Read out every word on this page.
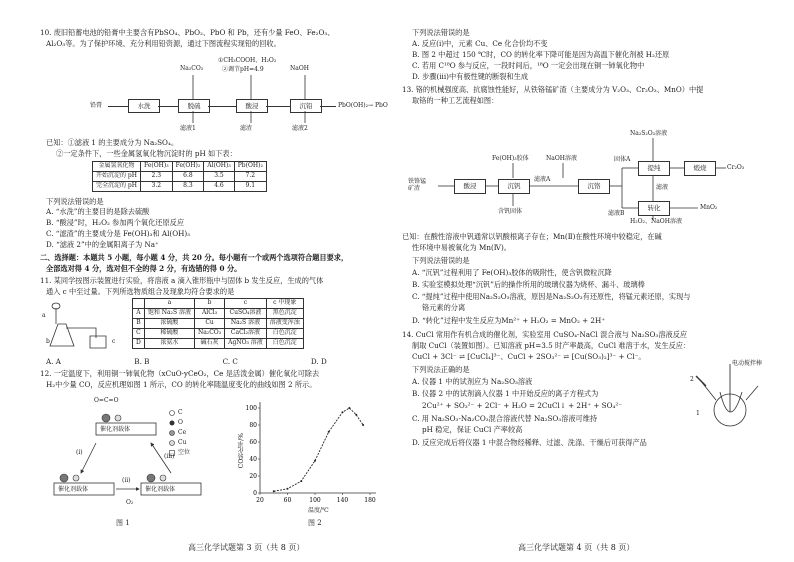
10. 废旧铅蓄电池的铅膏中主要含有PbSO₄、PbO₂、PbO 和 Pb，还有少量 FeO、Fe₂O₃、
Al₂O₃等。为了保护环境、充分利用铅资源，通过下图流程实现铅的回收。
铅膏	水洗	脱硫	酸浸	沉铅	PbO(OH)₂→ PbO
Na₂CO₃
①CH₃COOH、H₂O₂
②调节pH=4.9	NaOH
滤液1	滤渣	滤液2
已知：①滤液 1 的主要成分为 Na₂SO₄。
②一定条件下，一些金属氢氧化物沉淀时的 pH 如下表：
金属氢氧化物	Fe(OH)₃	Fe(OH)₂	Al(OH)₃	Pb(OH)₂
开始沉淀的 pH	2.3	6.8	3.5	7.2
完全沉淀的 pH	3.2	8.3	4.6	9.1
下列说法错误的是
A. “水洗”的主要目的是除去硫酸
B. “酸浸”时，H₂O₂ 参加两个氧化还原反应
C. “滤渣”的主要成分是 Fe(OH)₃和 Al(OH)₃
D. “滤液 2”中的金属阳离子为 Na⁺
二、选择题：本题共 5 小题，每小题 4 分，共 20 分。每小题有一个或两个选项符合题目要求，
全部选对得 4 分，选对但不全的得 2 分，有选错的得 0 分。
11. 某同学按图示装置进行实验，将溶液 a 滴入锥形瓶中与固体 b 发生反应，生成的气体
通入 c 中至过量。下列所选物质组合及现象均符合要求的是
a
b	c
	a	b	c	c 中现象
A	饱和 Na₂S 溶液	AlCl₃	CuSO₄溶液	黑色沉淀
B	浓硫酸	Cu	Na₂S 溶液	溶液变浑浊
C	稀硫酸	Na₂CO₃	CaCl₂溶液	白色沉淀
D	浓氨水	碱石灰	AgNO₃ 溶液	白色沉淀
A. A	B. B	C. C	D. D
12. 一定温度下，利用铜一铈氧化物（xCuO·yCeO₂，Ce 是活泼金属）催化氧化可除去
H₂中少量 CO，反应机理如图 1 所示，CO 的转化率随温度变化的曲线如图 2 所示。
催化剂载体
催化剂载体	催化剂载体
C
O
Ce
Cu
空位
(i)
(ii)
(iii)
O=C=O
O₂
图 1
20	60	100	140	180
0
20
40
60
80
100
CO转化率/%
温度/℃
图 2
高三化学试题第 3 页（共 8 页）
下列说法错误的是
A. 反应(i)中，元素 Cu、Ce 化合价均不变
B. 图 2 中超过 150 ℃时，CO 的转化率下降可能是因为高温下催化剂被 H₂还原
C. 若用 C¹⁸O 参与反应，一段时间后，¹⁸O 一定会出现在铜一铈氧化物中
D. 步骤(iii)中有极性键的断裂和生成
13. 铬的机械强度高、抗腐蚀性能好，从铁铬锰矿渣（主要成分为 V₂O₃、Cr₂O₃、MnO）中提
取铬的一种工艺流程如图：
铁铬锰
矿渣	酸浸	沉钒	沉铬
提纯	煅烧
转化
Cr₂O₃
MnO₂
Fe(OH)₃胶体	NaOH溶液
Na₂S₂O₃溶液
滤液A
固体A
滤液B
滤液
含钒固体
H₂O₂、NaOH溶液
已知：在酸性溶液中钒通常以钒酸根离子存在；Mn(Ⅱ)在酸性环境中较稳定，在碱
性环境中易被氧化为 Mn(Ⅳ)。
下列说法错误的是
A. “沉钒”过程利用了 Fe(OH)₃胶体的吸附性，使含钒微粒沉降
B. 实验室模拟处理“沉钒”后的操作所用的玻璃仪器为烧杯、漏斗、玻璃棒
C. “提纯”过程中使用Na₂S₂O₃溶液，原因是Na₂S₂O₃有还原性，将锰元素还原，实现与
铬元素的分离
D. “转化”过程中发生反应为Mn²⁺ + H₂O₂ = MnO₂ + 2H⁺
14. CuCl 常用作有机合成的催化剂，实验室用 CuSO₄-NaCl 混合液与 Na₂SO₃溶液反应
制取 CuCl（装置如图）。已知溶液 pH=3.5 时产率最高，CuCl 难溶于水，发生反应：
CuCl + 3Cl⁻ ⇌ [CuCl₄]³⁻、CuCl + 2SO₃²⁻ ⇌ [Cu(SO₃)₂]³⁻ + Cl⁻。
下列说法正确的是
A. 仪器 1 中的试剂应为 Na₂SO₃溶液
B. 仪器 2 中的试剂滴入仪器 1 中开始反应的离子方程式为
2Cu²⁺ + SO₃²⁻ + 2Cl⁻ + H₂O = 2CuCl↓ + 2H⁺ + SO₄²⁻
C. 用 Na₂SO₃-Na₂CO₃混合溶液代替 Na₂SO₃溶液可维持
pH 稳定，保证 CuCl 产率较高
D. 反应完成后将仪器 1 中混合物经稀释、过滤、洗涤、干燥后可获得产品
电动搅拌棒
1
2
高三化学试题第 4 页（共 8 页）
